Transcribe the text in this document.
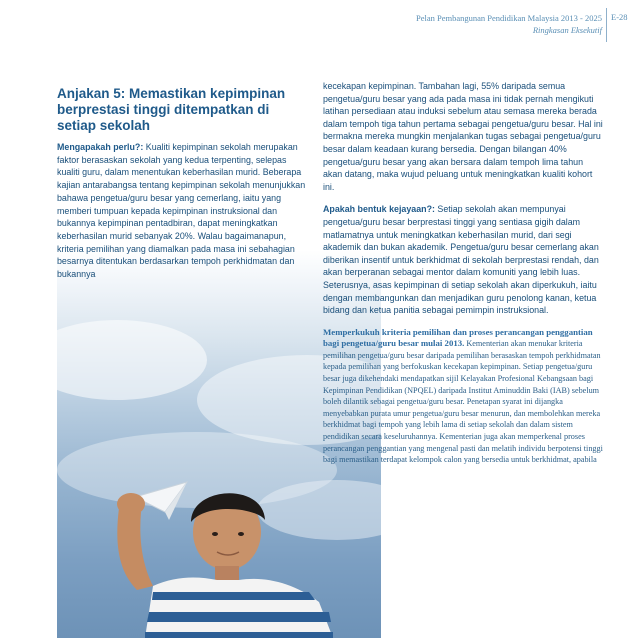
Pelan Pembangunan Pendidikan Malaysia 2013 - 2025
Ringkasan Eksekutif
E-28
Anjakan 5: Memastikan kepimpinan berprestasi tinggi ditempatkan di setiap sekolah

Mengapakah perlu?: Kualiti kepimpinan sekolah merupakan faktor berasaskan sekolah yang kedua terpenting, selepas kualiti guru, dalam menentukan keberhasilan murid. Beberapa kajian antarabangsa tentang kepimpinan sekolah menunjukkan bahawa pengetua/guru besar yang cemerlang, iaitu yang memberi tumpuan kepada kepimpinan instruksional dan bukannya kepimpinan pentadbiran, dapat meningkatkan keberhasilan murid sebanyak 20%. Walau bagaimanapun, kriteria pemilihan yang diamalkan pada masa ini sebahagian besarnya ditentukan berdasarkan tempoh perkhidmatan dan bukannya

kecekapan kepimpinan. Tambahan lagi, 55% daripada semua pengetua/guru besar yang ada pada masa ini tidak pernah mengikuti latihan persediaan atau induksi sebelum atau semasa mereka berada dalam tempoh tiga tahun pertama sebagai pengetua/guru besar. Hal ini bermakna mereka mungkin menjalankan tugas sebagai pengetua/guru besar dalam keadaan kurang bersedia. Dengan bilangan 40% pengetua/guru besar yang akan bersara dalam tempoh lima tahun akan datang, maka wujud peluang untuk meningkatkan kualiti kohort ini.

Apakah bentuk kejayaan?: Setiap sekolah akan mempunyai pengetua/guru besar berprestasi tinggi yang sentiasa gigih dalam matlamatnya untuk meningkatkan keberhasilan murid, dari segi akademik dan bukan akademik. Pengetua/guru besar cemerlang akan diberikan insentif untuk berkhidmat di sekolah berprestasi rendah, dan akan berperanan sebagai mentor dalam komuniti yang lebih luas. Seterusnya, asas kepimpinan di setiap sekolah akan diperkukuh, iaitu dengan membangunkan dan menjadikan guru penolong kanan, ketua bidang dan ketua panitia sebagai pemimpin instruksional.

Memperkukuh kriteria pemilihan dan proses perancangan penggantian bagi pengetua/guru besar mulai 2013. Kementerian akan menukar kriteria pemilihan pengetua/guru besar daripada pemilihan berasaskan tempoh perkhidmatan kepada pemilihan yang berfokuskan kecekapan kepimpinan. Setiap pengetua/guru besar juga dikehendaki mendapatkan sijil Kelayakan Profesional Kebangsaan bagi Kepimpinan Pendidikan (NPQEL) daripada Institut Aminuddin Baki (IAB) sebelum boleh dilantik sebagai pengetua/guru besar. Penetapan syarat ini dijangka menyebabkan purata umur pengetua/guru besar menurun, dan membolehkan mereka berkhidmat bagi tempoh yang lebih lama di setiap sekolah dan dalam sistem pendidikan secara keseluruhannya. Kementerian juga akan memperkenal proses perancangan penggantian yang mengenal pasti dan melatih individu berpotensi tinggi bagi memastikan terdapat kelompok calon yang bersedia untuk berkhidmat, apabila
